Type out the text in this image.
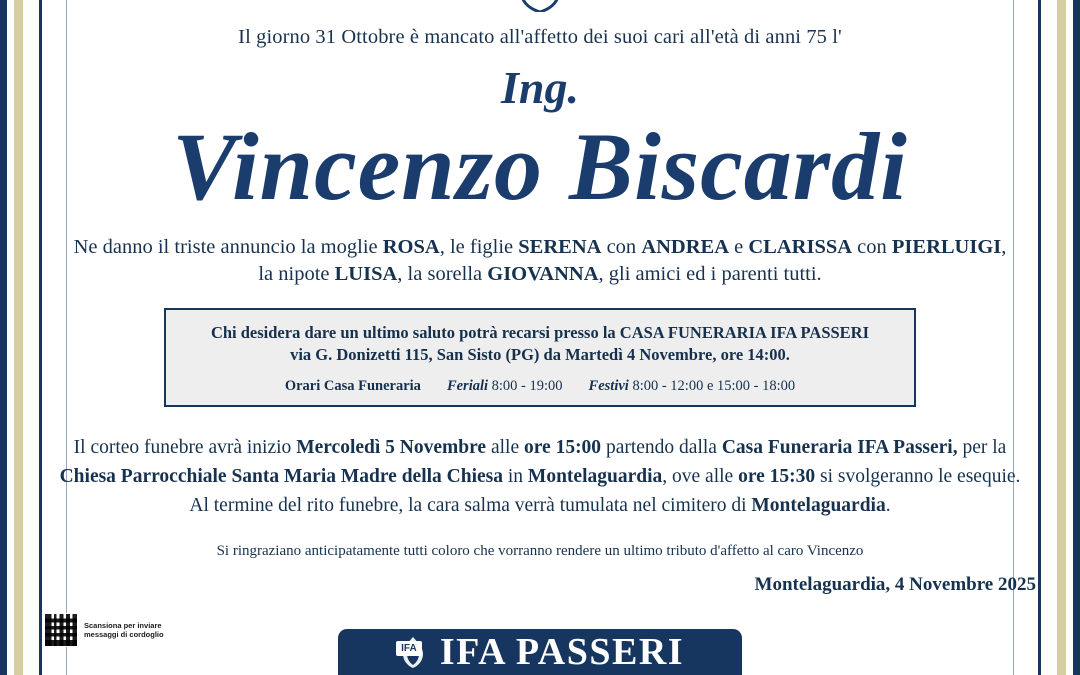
Il giorno 31 Ottobre è mancato all'affetto dei suoi cari all'età di anni 75 l'
Ing.
Vincenzo Biscardi
Ne danno il triste annuncio la moglie ROSA, le figlie SERENA con ANDREA e CLARISSA con PIERLUIGI,
la nipote LUISA, la sorella GIOVANNA, gli amici ed i parenti tutti.
Chi desidera dare un ultimo saluto potrà recarsi presso la CASA FUNERARIA IFA PASSERI
via G. Donizetti 115, San Sisto (PG) da Martedì 4 Novembre, ore 14:00.
Orari Casa Funeraria Feriali 8:00 - 19:00 Festivi 8:00 - 12:00 e 15:00 - 18:00
Il corteo funebre avrà inizio Mercoledì 5 Novembre alle ore 15:00 partendo dalla Casa Funeraria IFA Passeri, per la
Chiesa Parrocchiale Santa Maria Madre della Chiesa in Montelaguardia, ove alle ore 15:30 si svolgeranno le esequie.
Al termine del rito funebre, la cara salma verrà tumulata nel cimitero di Montelaguardia.
Si ringraziano anticipatamente tutti coloro che vorranno rendere un ultimo tributo d'affetto al caro Vincenzo
Montelaguardia, 4 Novembre 2025
Scansiona per inviare messaggi di cordoglio
IFA IFA PASSERI
